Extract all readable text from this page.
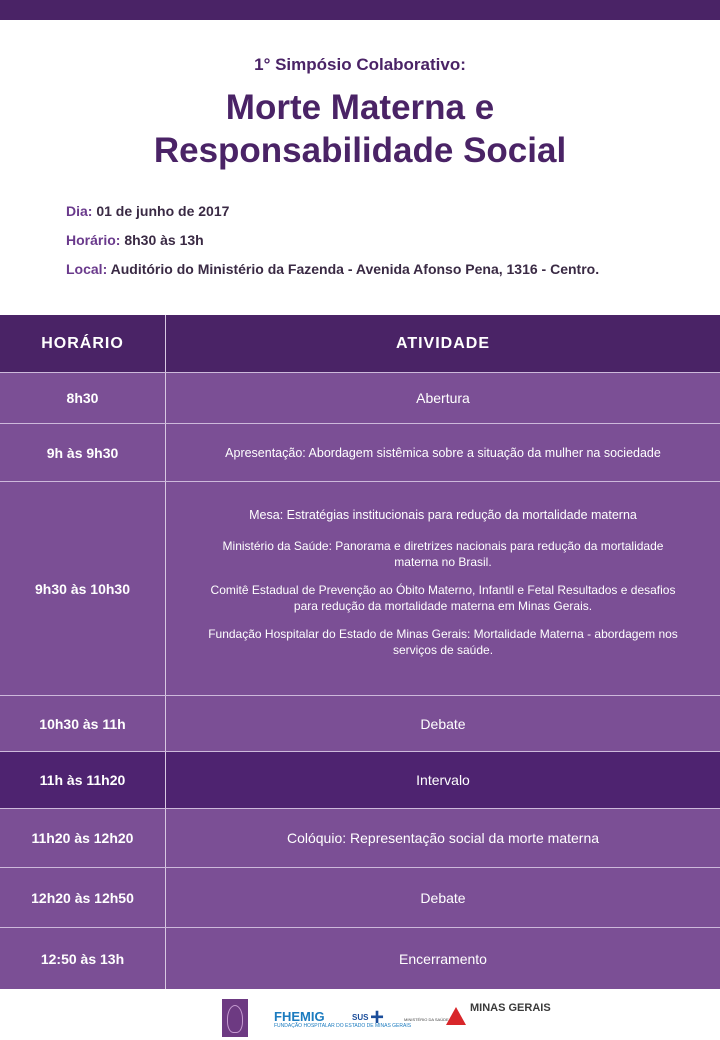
1° Simpósio Colaborativo:
Morte Materna e
Responsabilidade Social
Dia: 01 de junho de 2017
Horário: 8h30 às 13h
Local: Auditório do Ministério da Fazenda - Avenida Afonso Pena, 1316 - Centro.
HORÁRIO	ATIVIDADE
8h30	Abertura
9h às 9h30	Apresentação: Abordagem sistêmica sobre a situação da mulher na sociedade
9h30 às 10h30
Mesa: Estratégias institucionais para redução da mortalidade materna
Ministério da Saúde: Panorama e diretrizes nacionais para redução da mortalidade materna no Brasil.
Comitê Estadual de Prevenção ao Óbito Materno, Infantil e Fetal Resultados e desafios para redução da mortalidade materna em Minas Gerais.
Fundação Hospitalar do Estado de Minas Gerais: Mortalidade Materna - abordagem nos serviços de saúde.
10h30 às 11h	Debate
11h às 11h20	Intervalo
11h20 às 12h20	Colóquio: Representação social da morte materna
12h20 às 12h50	Debate
12:50 às 13h	Encerramento
FHEMIG
FUNDAÇÃO HOSPITALAR DO ESTADO DE MINAS GERAIS
SUS +	MINISTÉRIO DA SAÚDE
MINAS GERAIS
